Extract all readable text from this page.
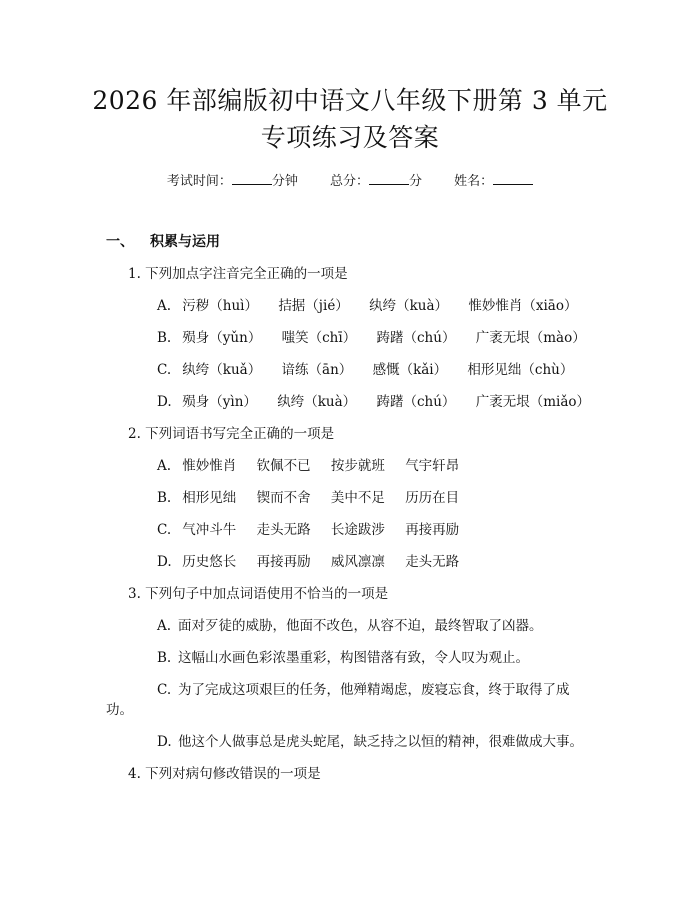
2026 年部编版初中语文八年级下册第 3 单元
专项练习及答案
考试时间：	分钟 总分：	分 姓名：
一、 积累与运用
1. 下列加点字注音完全正确的一项是
A. 污秽（huì） 拮据（jié） 纨绔（kuà） 惟妙惟肖（xiāo）
B. 殒身（yǔn） 嗤笑（chī） 踌躇（chú） 广袤无垠（mào）
C. 纨绔（kuǎ） 谙练（ān） 感慨（kǎi） 相形见绌（chù）
D. 殒身（yìn） 纨绔（kuà） 踌躇（chú） 广袤无垠（miǎo）
2. 下列词语书写完全正确的一项是
A. 惟妙惟肖 钦佩不已 按步就班 气宇轩昂
B. 相形见绌 锲而不舍 美中不足 历历在目
C. 气冲斗牛 走头无路 长途跋涉 再接再励
D. 历史悠长 再接再励 威风凛凛 走头无路
3. 下列句子中加点词语使用不恰当的一项是
A. 面对歹徒的威胁，他面不改色，从容不迫，最终智取了凶器。
B. 这幅山水画色彩浓墨重彩，构图错落有致，令人叹为观止。
C. 为了完成这项艰巨的任务，他殚精竭虑，废寝忘食，终于取得了成
功。
D. 他这个人做事总是虎头蛇尾，缺乏持之以恒的精神，很难做成大事。
4. 下列对病句修改错误的一项是
